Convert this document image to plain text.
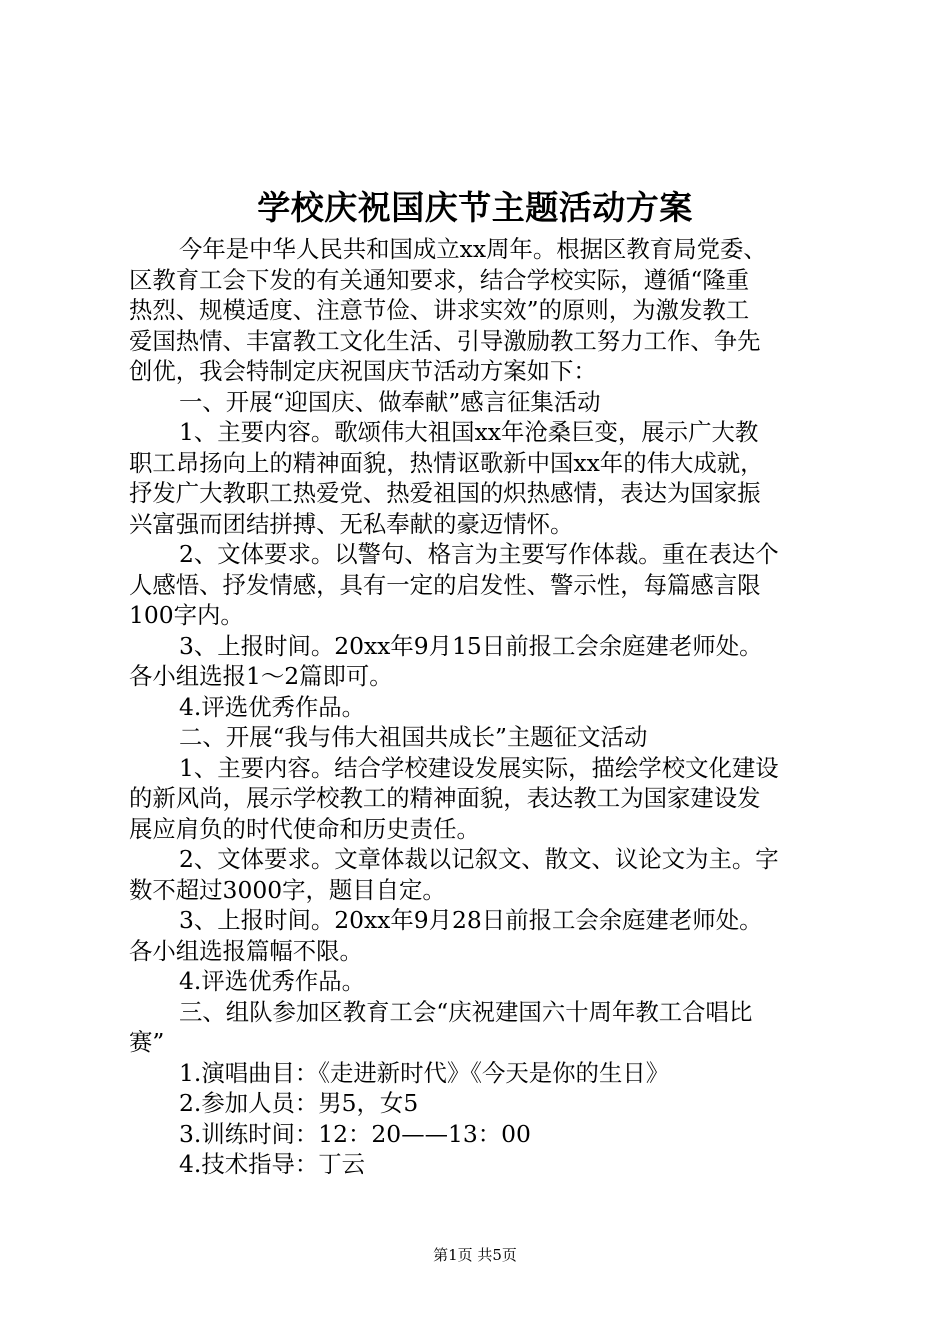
学校庆祝国庆节主题活动方案
今年是中华人民共和国成立xx周年。根据区教育局党委、
区教育工会下发的有关通知要求，结合学校实际，遵循“隆重
热烈、规模适度、注意节俭、讲求实效”的原则，为激发教工
爱国热情、丰富教工文化生活、引导激励教工努力工作、争先
创优，我会特制定庆祝国庆节活动方案如下：
一、开展“迎国庆、做奉献”感言征集活动
1、主要内容。歌颂伟大祖国xx年沧桑巨变，展示广大教
职工昂扬向上的精神面貌，热情讴歌新中国xx年的伟大成就，
抒发广大教职工热爱党、热爱祖国的炽热感情，表达为国家振
兴富强而团结拼搏、无私奉献的豪迈情怀。
2、文体要求。以警句、格言为主要写作体裁。重在表达个
人感悟、抒发情感，具有一定的启发性、警示性，每篇感言限
100字内。
3、上报时间。20xx年9月15日前报工会余庭建老师处。
各小组选报1～2篇即可。
4.评选优秀作品。
二、开展“我与伟大祖国共成长”主题征文活动
1、主要内容。结合学校建设发展实际，描绘学校文化建设
的新风尚，展示学校教工的精神面貌，表达教工为国家建设发
展应肩负的时代使命和历史责任。
2、文体要求。文章体裁以记叙文、散文、议论文为主。字
数不超过3000字，题目自定。
3、上报时间。20xx年9月28日前报工会余庭建老师处。
各小组选报篇幅不限。
4.评选优秀作品。
三、组队参加区教育工会“庆祝建国六十周年教工合唱比
赛”
1.演唱曲目：《走进新时代》《今天是你的生日》
2.参加人员：男5，女5
3.训练时间：12：20——13：00
4.技术指导：丁云
第1页 共5页
